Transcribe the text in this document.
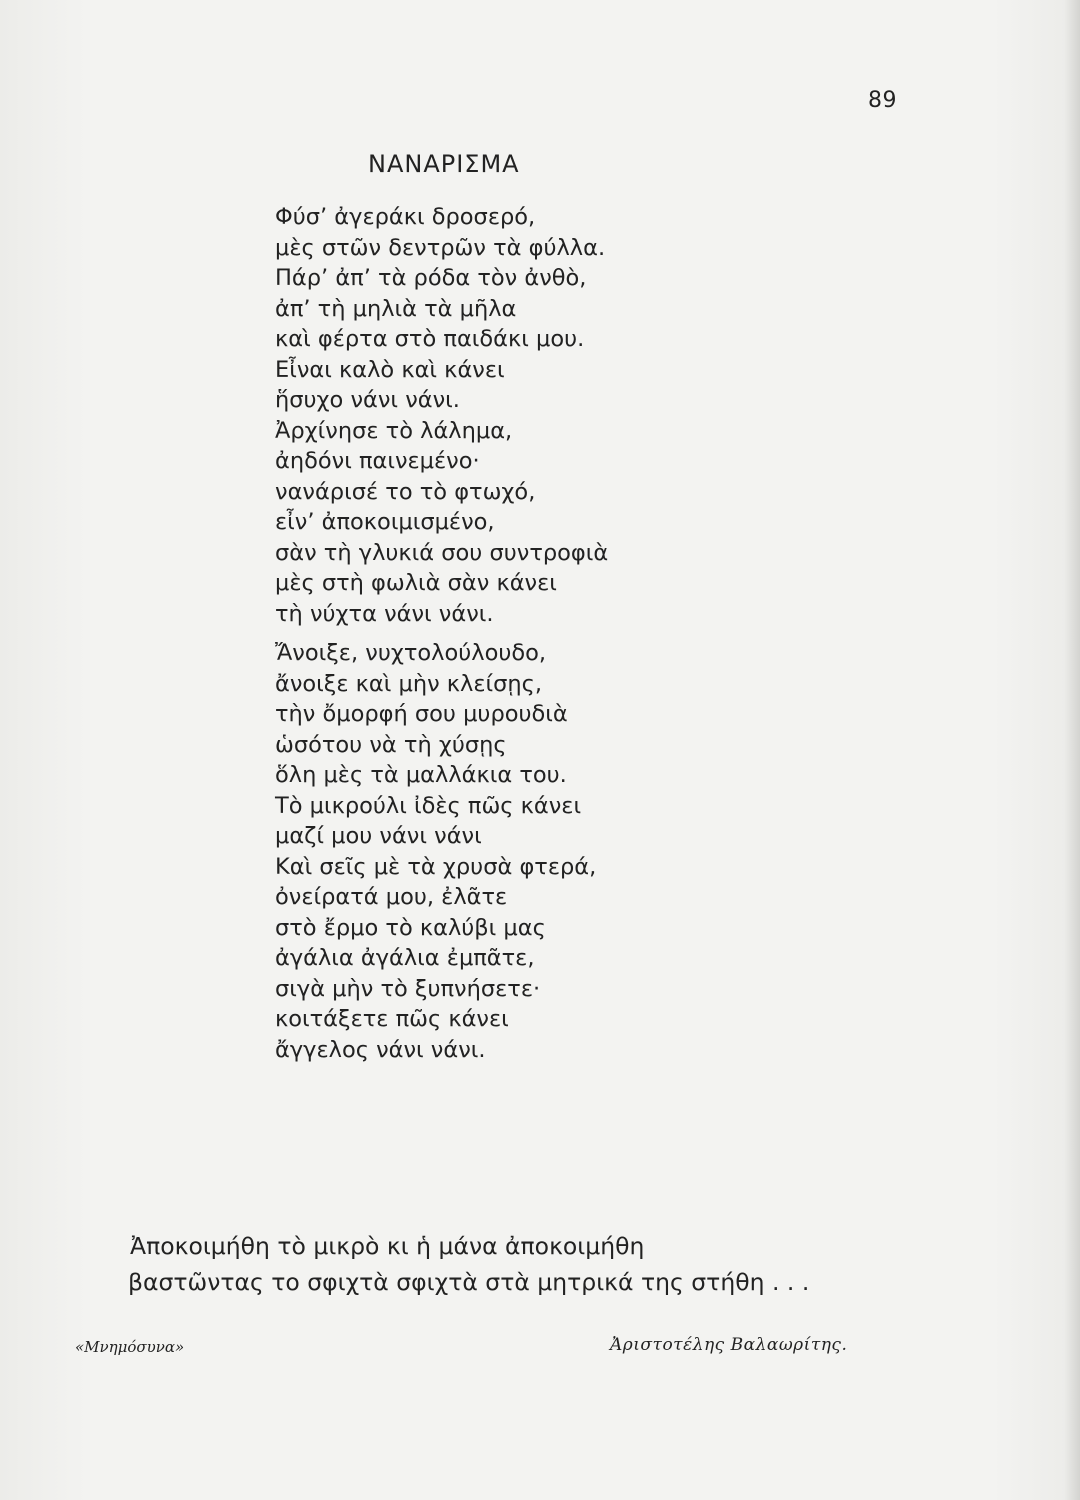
89
ΝΑΝΑΡΙΣΜΑ
Φύσ’ ἀγεράκι δροσερό,
μὲς στῶν δεντρῶν τὰ φύλλα.
Πάρ’ ἀπ’ τὰ ρόδα τὸν ἀνθὸ,
ἀπ’ τὴ μηλιὰ τὰ μῆλα
καὶ φέρτα στὸ παιδάκι μου.
Εἶναι καλὸ καὶ κάνει
ἥσυχο νάνι νάνι.
Ἀρχίνησε τὸ λάλημα,
ἀηδόνι παινεμένο·
νανάρισέ το τὸ φτωχό,
εἶν’ ἀποκοιμισμένο,
σὰν τὴ γλυκιά σου συντροφιὰ
μὲς στὴ φωλιὰ σὰν κάνει
τὴ νύχτα νάνι νάνι.
Ἄνοιξε, νυχτολούλουδο,
ἄνοιξε καὶ μὴν κλείσῃς,
τὴν ὄμορφή σου μυρουδιὰ
ὡσότου νὰ τὴ χύσῃς
ὅλη μὲς τὰ μαλλάκια του.
Τὸ μικρούλι ἰδὲς πῶς κάνει
μαζί μου νάνι νάνι
Καὶ σεῖς μὲ τὰ χρυσὰ φτερά,
ὀνείρατά μου, ἐλᾶτε
στὸ ἔρμο τὸ καλύβι μας
ἀγάλια ἀγάλια ἐμπᾶτε,
σιγὰ μὴν τὸ ξυπνήσετε·
κοιτάξετε πῶς κάνει
ἄγγελος νάνι νάνι.
Ἀποκοιμήθη τὸ μικρὸ κι ἡ μάνα ἀποκοιμήθη
βαστῶντας το σφιχτὰ σφιχτὰ στὰ μητρικά της στήθη . . .
«Μνημόσυνα»	Ἀριστοτέλης Βαλαωρίτης.
